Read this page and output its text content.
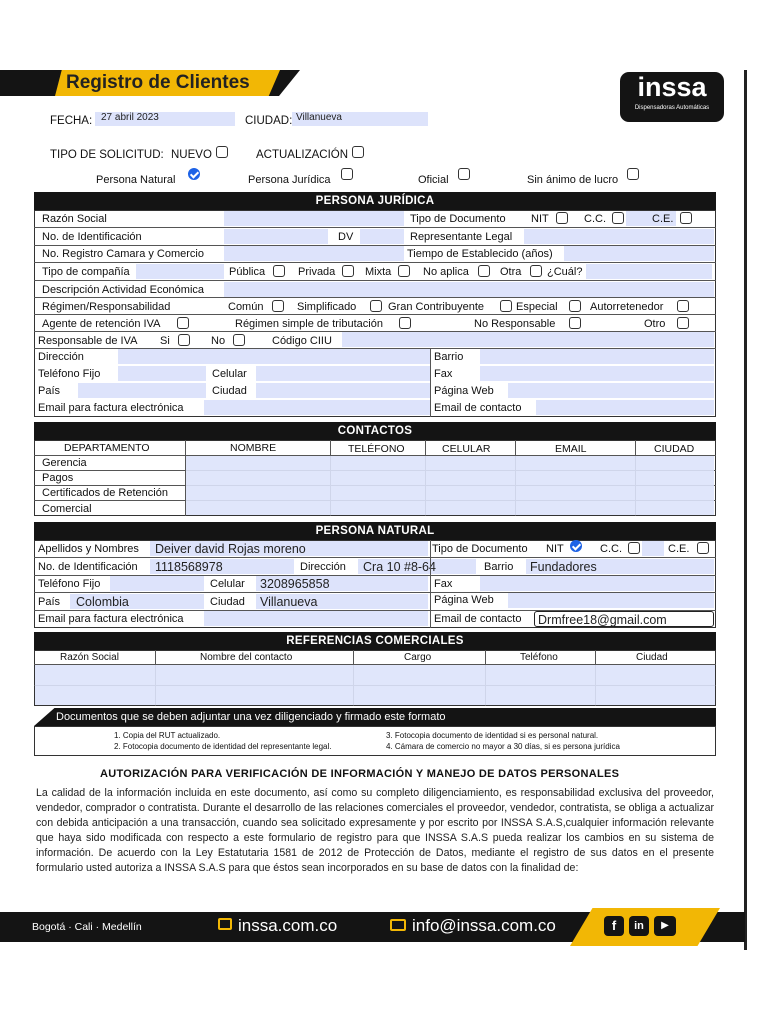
Registro de Clientes	inssa
Dispensadoras Automáticas
FECHA: 27 abril 2023	CIUDAD: Villanueva
TIPO DE SOLICITUD: NUEVO	ACTUALIZACIÓN
Persona Natural	Persona Jurídica	Oficial	Sin ánimo de lucro
PERSONA JURÍDICA
Razón Social	Tipo de Documento NIT	C.C.	C.E.
No. de Identificación	DV	Representante Legal
No. Registro Camara y Comercio	Tiempo de Establecido (años)
Tipo de compañía	Pública	Privada	Mixta	No aplica	Otra ¿Cuál?
Descripción Actividad Económica
Régimen/Responsabilidad	Común	Simplificado	Gran Contribuyente	Especial	Autorretenedor
Agente de retención IVA	Régimen simple de tributación	No Responsable	Otro
Responsable de IVA Si	No	Código CIIU
Dirección	Barrio
Teléfono Fijo	Celular	Fax
País	Ciudad	Página Web
Email para factura electrónica	Email de contacto
CONTACTOS
DEPARTAMENTO	NOMBRE	TELÉFONO	CELULAR	EMAIL	CIUDAD
Gerencia
Pagos
Certificados de Retención
Comercial
PERSONA NATURAL
Apellidos y Nombres Deiver david Rojas moreno	Tipo de Documento NIT	C.C.	C.E.
No. de Identificación 1118568978	Dirección Cra 10 #8-64	Barrio Fundadores
Teléfono Fijo	Celular 3208965858	Fax
País Colombia	Ciudad Villanueva	Página Web
Email para factura electrónica	Email de contacto Drmfree18@gmail.com
REFERENCIAS COMERCIALES
Razón Social	Nombre del contacto	Cargo	Teléfono	Ciudad
Documentos que se deben adjuntar una vez diligenciado y firmado este formato
1. Copia del RUT actualizado.
2. Fotocopia documento de identidad del representante legal.
3. Fotocopia documento de identidad si es personal natural.
4. Cámara de comercio no mayor a 30 días, si es persona jurídica
AUTORIZACIÓN PARA VERIFICACIÓN DE INFORMACIÓN Y MANEJO DE DATOS PERSONALES
La calidad de la información incluida en este documento, así como su completo diligenciamiento, es responsabilidad exclusiva del proveedor, vendedor, comprador o contratista. Durante el desarrollo de las relaciones comerciales el proveedor, vendedor, contratista, se obliga a actualizar con debida anticipación a una transacción, cuando sea solicitado expresamente y por escrito por INSSA S.A.S,cualquier información relevante que haya sido modificada con respecto a este formulario de registro para que INSSA S.A.S pueda realizar los cambios en su sistema de información. De acuerdo con la Ley Estatutaria 1581 de 2012 de Protección de Datos, mediante el registro de sus datos en el presente formulario usted autoriza a INSSA S.A.S para que éstos sean incorporados en su base de datos con la finalidad de:
Bogotá · Cali · Medellín	inssa.com.co	info@inssa.com.co	f	in	▶
